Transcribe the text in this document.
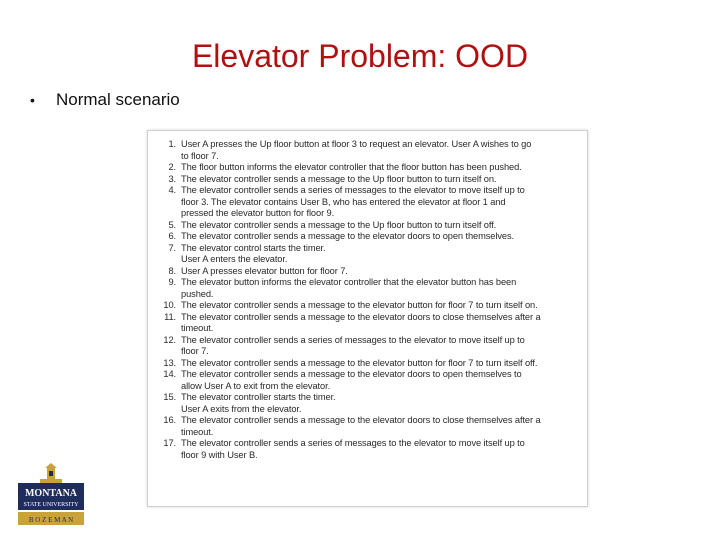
Elevator Problem: OOD
•	Normal scenario
1. User A presses the Up floor button at floor 3 to request an elevator. User A wishes to go
to floor 7.
2. The floor button informs the elevator controller that the floor button has been pushed.
3. The elevator controller sends a message to the Up floor button to turn itself on.
4. The elevator controller sends a series of messages to the elevator to move itself up to
floor 3. The elevator contains User B, who has entered the elevator at floor 1 and
pressed the elevator button for floor 9.
5. The elevator controller sends a message to the Up floor button to turn itself off.
6. The elevator controller sends a message to the elevator doors to open themselves.
7. The elevator control starts the timer.
User A enters the elevator.
8. User A presses elevator button for floor 7.
9. The elevator button informs the elevator controller that the elevator button has been
pushed.
10. The elevator controller sends a message to the elevator button for floor 7 to turn itself on.
11. The elevator controller sends a message to the elevator doors to close themselves after a
timeout.
12. The elevator controller sends a series of messages to the elevator to move itself up to
floor 7.
13. The elevator controller sends a message to the elevator button for floor 7 to turn itself off.
14. The elevator controller sends a message to the elevator doors to open themselves to
allow User A to exit from the elevator.
15. The elevator controller starts the timer.
User A exits from the elevator.
16. The elevator controller sends a message to the elevator doors to close themselves after a
timeout.
17. The elevator controller sends a series of messages to the elevator to move itself up to
floor 9 with User B.
MONTANA
STATE UNIVERSITY
B O Z E M A N
